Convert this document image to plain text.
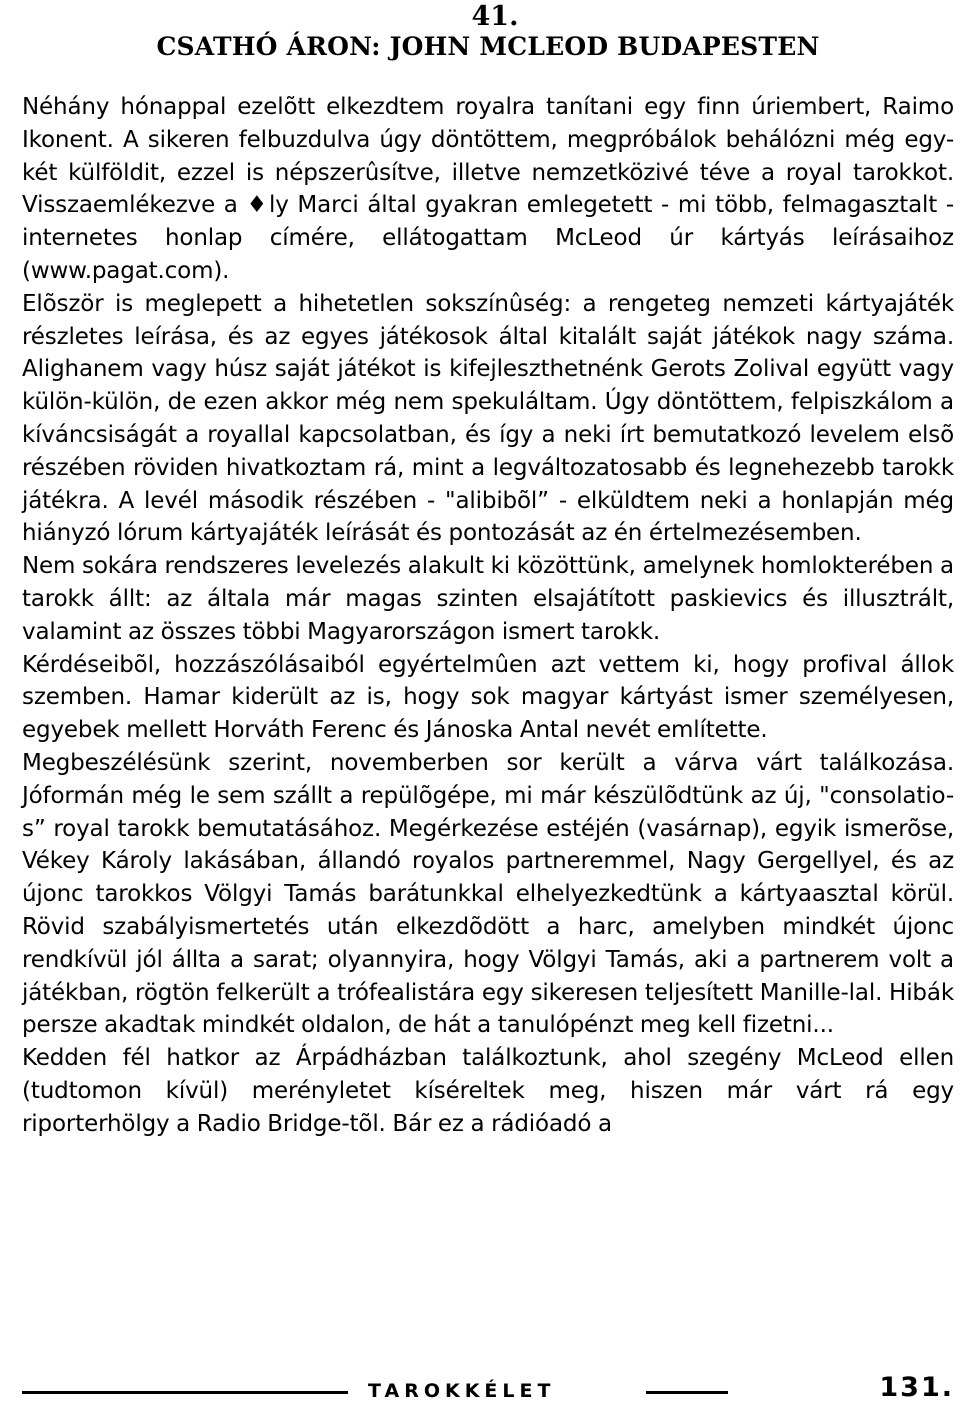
41.
CSATHÓ ÁRON: JOHN MCLEOD BUDAPESTEN

Néhány hónappal ezelõtt elkezdtem royalra tanítani egy finn úriembert, Raimo Ikonent. A sikeren felbuzdulva úgy döntöttem, megpróbálok behálózni még egy-két külföldit, ezzel is népszerûsítve, illetve nemzetközivé téve a royal tarokkot. Visszaemlékezve a ♦ly Marci által gyakran emlegetett - mi több, felmagasztalt - internetes honlap címére, ellátogattam McLeod úr kártyás leírásaihoz (www.pagat.com).

Elõször is meglepett a hihetetlen sokszínûség: a rengeteg nemzeti kártyajáték részletes leírása, és az egyes játékosok által kitalált saját játékok nagy száma. Alighanem vagy húsz saját játékot is kifejleszthetnénk Gerots Zolival együtt vagy külön-külön, de ezen akkor még nem spekuláltam. Úgy döntöttem, felpiszkálom a kíváncsiságát a royallal kapcsolatban, és így a neki írt bemutatkozó levelem elsõ részében röviden hivatkoztam rá, mint a legváltozatosabb és legnehezebb tarokk játékra. A levél második részében - "alibibõl” - elküldtem neki a honlapján még hiányzó lórum kártyajáték leírását és pontozását az én értelmezésemben.

Nem sokára rendszeres levelezés alakult ki közöttünk, amelynek homlokterében a tarokk állt: az általa már magas szinten elsajátított paskievics és illusztrált, valamint az összes többi Magyarországon ismert tarokk.

Kérdéseibõl, hozzászólásaiból egyértelmûen azt vettem ki, hogy profival állok szemben. Hamar kiderült az is, hogy sok magyar kártyást ismer személyesen, egyebek mellett Horváth Ferenc és Jánoska Antal nevét említette.

Megbeszélésünk szerint, novemberben sor került a várva várt találkozása. Jóformán még le sem szállt a repülõgépe, mi már készülõdtünk az új, "consolatio-s” royal tarokk bemutatásához. Megérkezése estéjén (vasárnap), egyik ismerõse, Vékey Károly lakásában, állandó royalos partneremmel, Nagy Gergellyel, és az újonc tarokkos Völgyi Tamás barátunkkal elhelyezkedtünk a kártyaasztal körül. Rövid szabályismertetés után elkezdõdött a harc, amelyben mindkét újonc rendkívül jól állta a sarat; olyannyira, hogy Völgyi Tamás, aki a partnerem volt a játékban, rögtön felkerült a trófealistára egy sikeresen teljesített Manille-lal. Hibák persze akadtak mindkét oldalon, de hát a tanulópénzt meg kell fizetni...

Kedden fél hatkor az Árpádházban találkoztunk, ahol szegény McLeod ellen (tudtomon kívül) merényletet kíséreltek meg, hiszen már várt rá egy riporterhölgy a Radio Bridge-tõl. Bár ez a rádióadó a

TAROKKÉLET	131.
